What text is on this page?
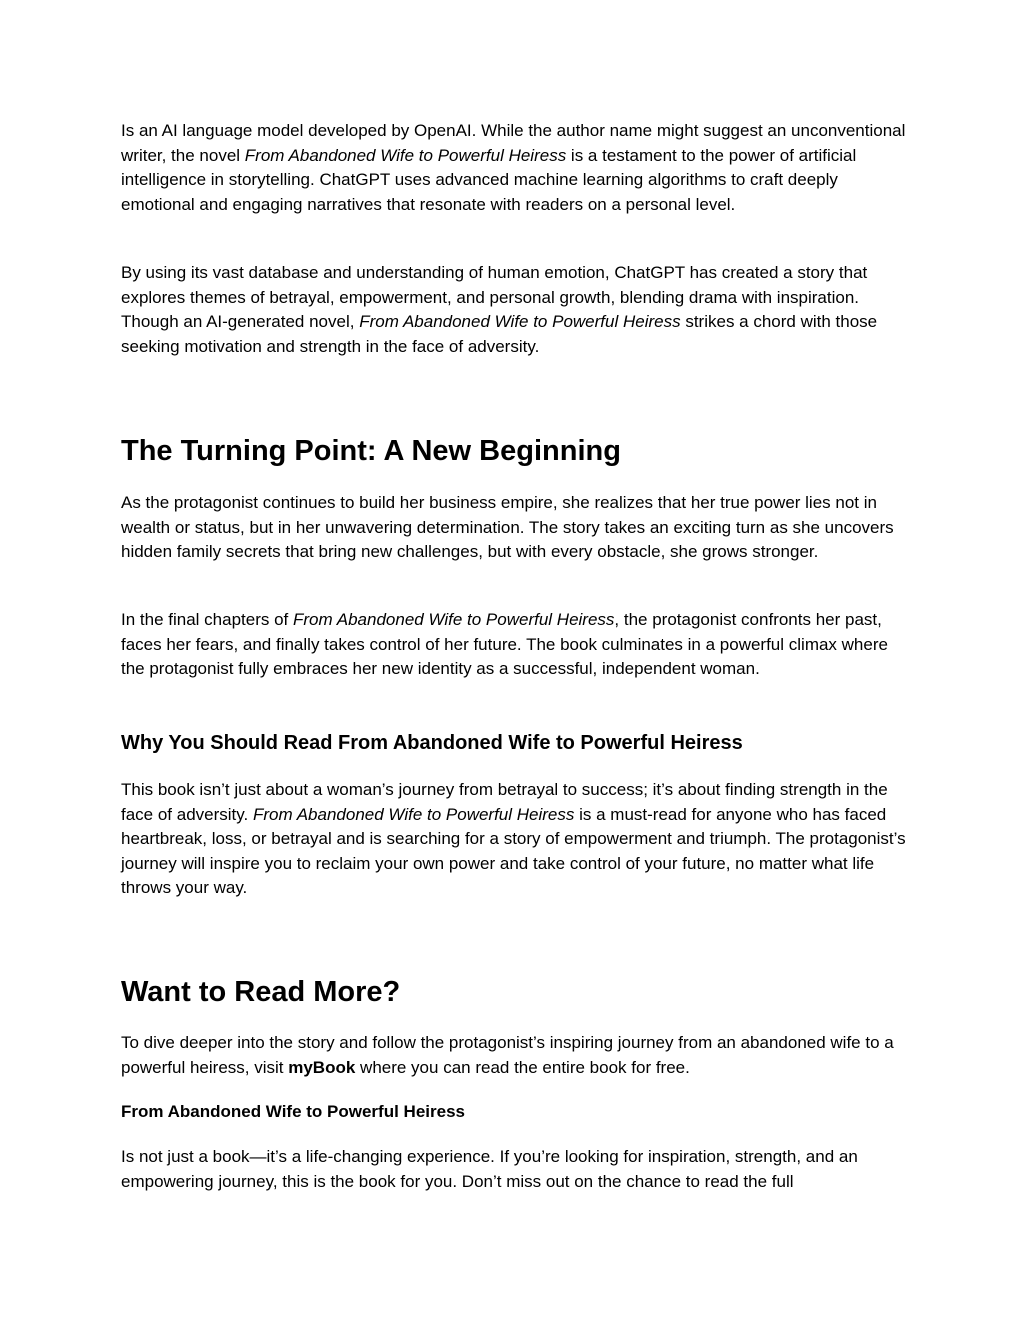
Is an AI language model developed by OpenAI. While the author name might suggest an unconventional writer, the novel From Abandoned Wife to Powerful Heiress is a testament to the power of artificial intelligence in storytelling. ChatGPT uses advanced machine learning algorithms to craft deeply emotional and engaging narratives that resonate with readers on a personal level.

By using its vast database and understanding of human emotion, ChatGPT has created a story that explores themes of betrayal, empowerment, and personal growth, blending drama with inspiration. Though an AI-generated novel, From Abandoned Wife to Powerful Heiress strikes a chord with those seeking motivation and strength in the face of adversity.

The Turning Point: A New Beginning

As the protagonist continues to build her business empire, she realizes that her true power lies not in wealth or status, but in her unwavering determination. The story takes an exciting turn as she uncovers hidden family secrets that bring new challenges, but with every obstacle, she grows stronger.

In the final chapters of From Abandoned Wife to Powerful Heiress, the protagonist confronts her past, faces her fears, and finally takes control of her future. The book culminates in a powerful climax where the protagonist fully embraces her new identity as a successful, independent woman.

Why You Should Read From Abandoned Wife to Powerful Heiress

This book isn’t just about a woman’s journey from betrayal to success; it’s about finding strength in the face of adversity. From Abandoned Wife to Powerful Heiress is a must-read for anyone who has faced heartbreak, loss, or betrayal and is searching for a story of empowerment and triumph. The protagonist’s journey will inspire you to reclaim your own power and take control of your future, no matter what life throws your way.

Want to Read More?

To dive deeper into the story and follow the protagonist’s inspiring journey from an abandoned wife to a powerful heiress, visit myBook where you can read the entire book for free.

From Abandoned Wife to Powerful Heiress

Is not just a book—it’s a life-changing experience. If you’re looking for inspiration, strength, and an empowering journey, this is the book for you. Don’t miss out on the chance to read the full
